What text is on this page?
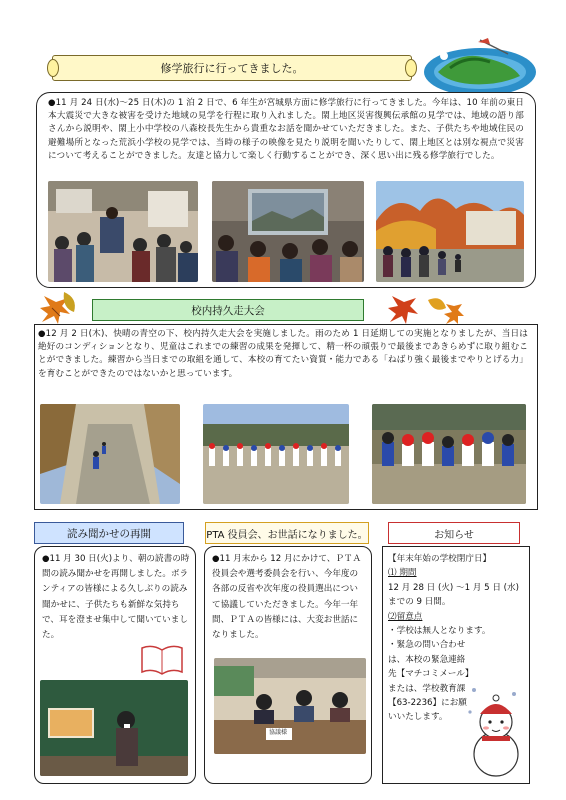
修学旅行に行ってきました。
●11 月 24 日(水)～25 日(木)の 1 泊 2 日で、6 年生が宮城県方面に修学旅行に行ってきました。今年は、10 年前の東日本大震災で大きな被害を受けた地域の見学を行程に取り入れました。閖上地区災害復興伝承館の見学では、地域の語り部さんから説明や、閖上小中学校の八森校長先生から貴重なお話を聞かせていただきました。また、子供たちや地域住民の避難場所となった荒浜小学校の見学では、当時の様子の映像を見たり説明を聞いたりして、閖上地区とは別な視点で災害について考えることができました。友達と協力して楽しく行動することができ、深く思い出に残る修学旅行でした。
校内持久走大会
●12 月 2 日(木)、快晴の青空の下、校内持久走大会を実施しました。雨のため 1 日延期しての実施となりましたが、当日は絶好のコンディションとなり、児童はこれまでの練習の成果を発揮して、精一杯の頑張りで最後まであきらめずに取り組むことができました。練習から当日までの取組を通して、本校の育てたい資質・能力である「ねばり強く最後までやりとげる力」を育むことができたのではないかと思っています。
読み聞かせの再開
●11 月 30 日(火)より、朝の読書の時間の読み聞かせを再開しました。ボランティアの皆様による久しぶりの読み聞かせに、子供たちも新鮮な気持ちで、耳を澄ませ集中して聞いていました。
PTA 役員会、お世話になりました。
●11 月末から 12 月にかけて、ＰＴＡ役員会や選考委員会を行い、今年度の各部の反省や次年度の役員選出について協議していただきました。今年一年間、ＰＴＡの皆様には、大変お世話になりました。
協議様
お知らせ
【年末年始の学校閉庁日】
⑴ 期間
12 月 28 日 (火) ～1 月 5 日 (水) までの 9 日間。
⑵留意点
・学校は無人となります。
・緊急の問い合わせは、本校の緊急連絡先【マチコミメール】または、学校教育課【63-2236】にお願いいたします。
